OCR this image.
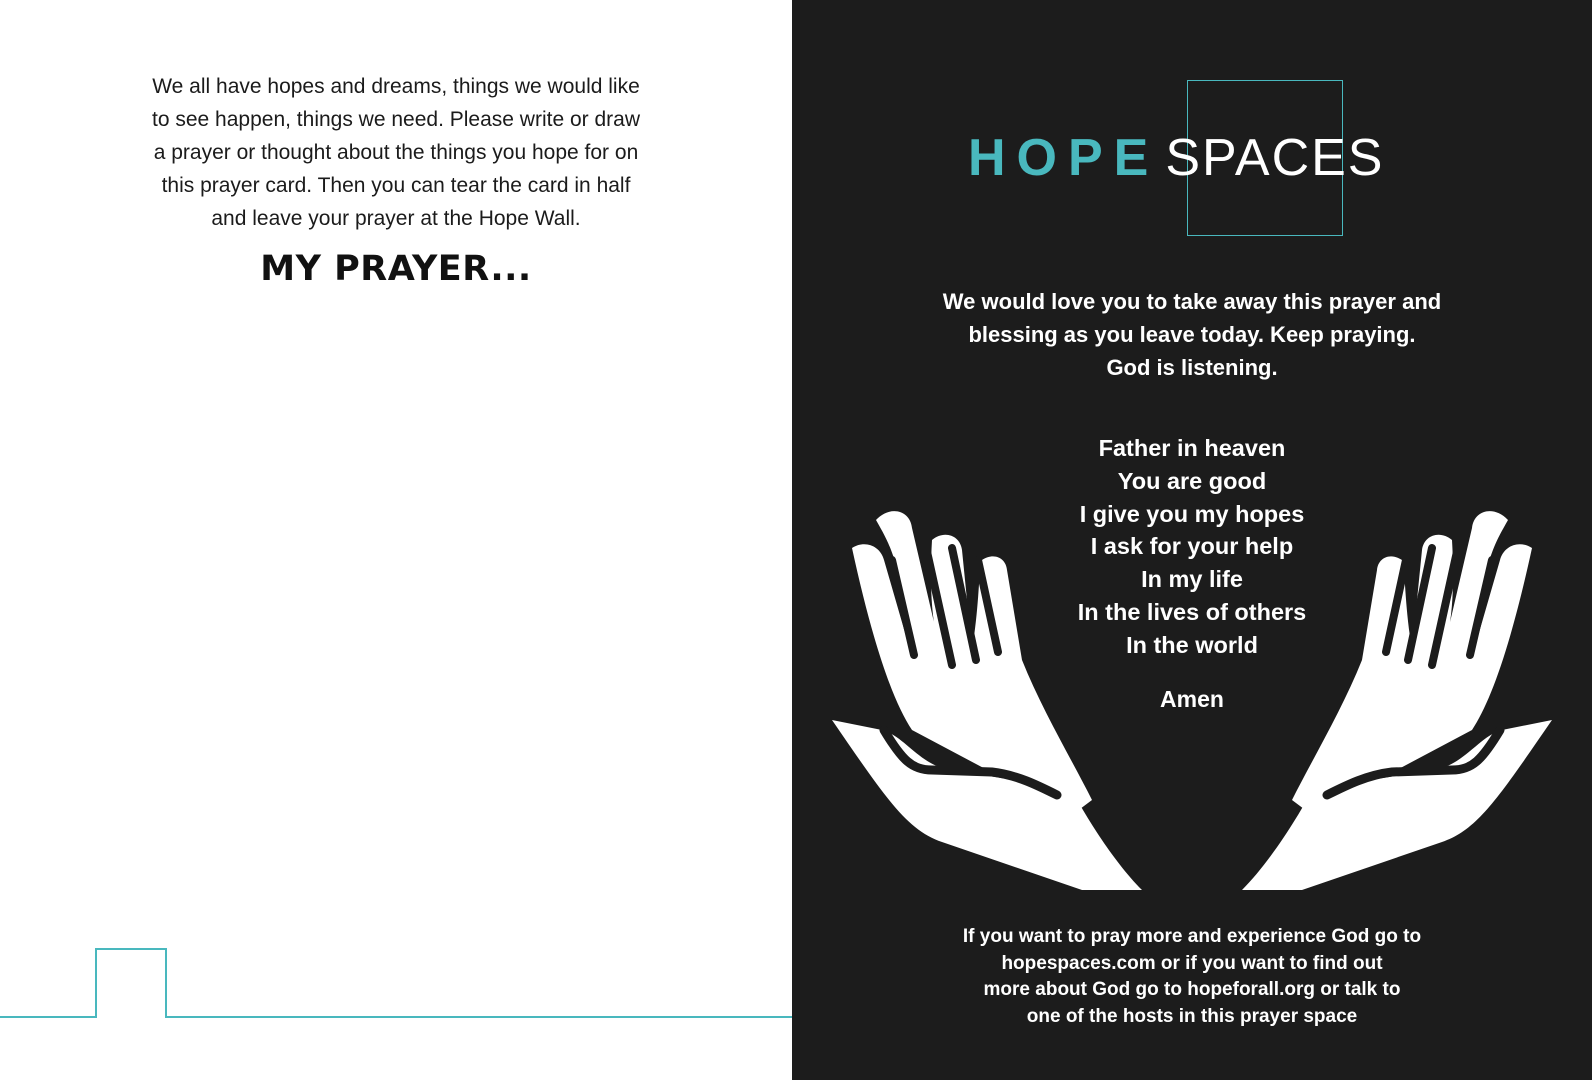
We all have hopes and dreams, things we would like
to see happen, things we need. Please write or draw
a prayer or thought about the things you hope for on
this prayer card. Then you can tear the card in half
and leave your prayer at the Hope Wall.
MY PRAYER...
HOPE SPACES
We would love you to take away this prayer and
blessing as you leave today. Keep praying.
God is listening.
Father in heaven
You are good
I give you my hopes
I ask for your help
In my life
In the lives of others
In the world
Amen
If you want to pray more and experience God go to
hopespaces.com or if you want to find out
more about God go to hopeforall.org or talk to
one of the hosts in this prayer space
